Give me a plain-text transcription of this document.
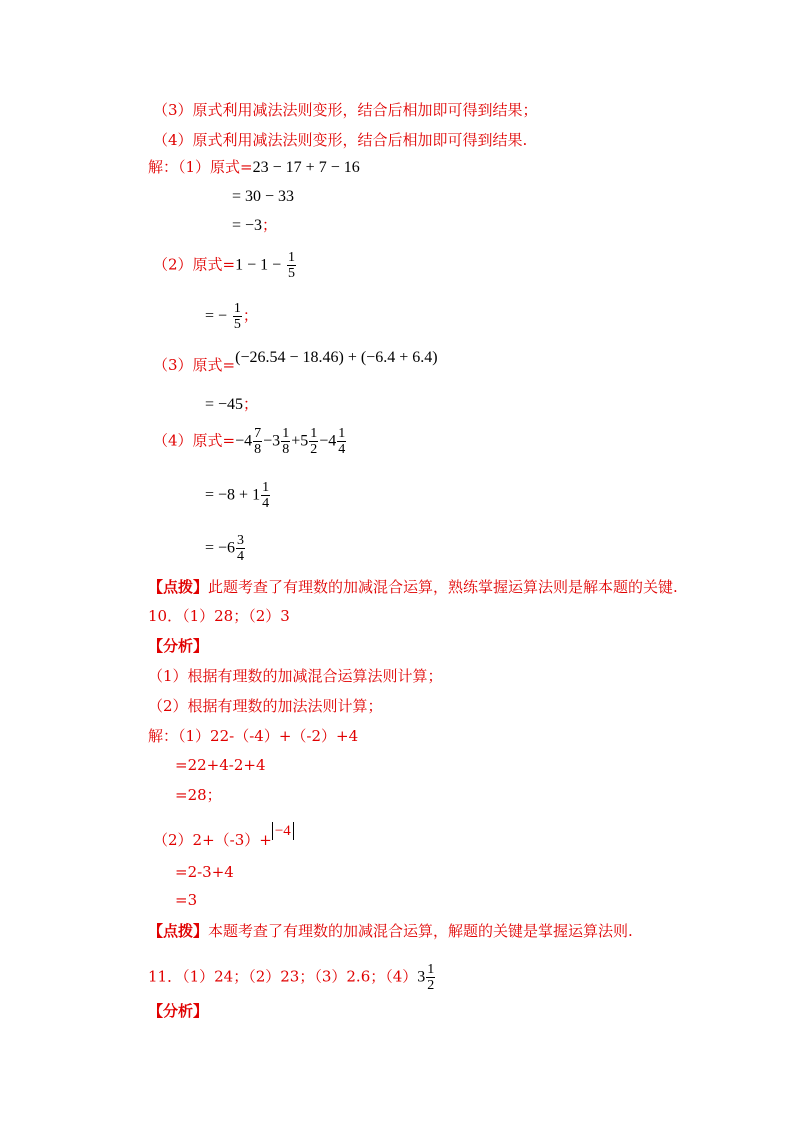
（3）原式利用减法法则变形，结合后相加即可得到结果；
（4）原式利用减法法则变形，结合后相加即可得到结果.
解：（1）原式=23 − 17 + 7 − 16
= 30 − 33
= −3；
（2）原式$=1 - 1 - \frac{1}{5}$
= − $\frac{1}{5}$ ；
（3）原式=(−26.54 − 18.46) + (−6.4 + 6.4)
= −45；
（4）原式$=-4 \frac{7}{8} -3 \frac{1}{8} +5 \frac{1}{2} -4 \frac{1}{4}$
= $-8 + 1 \frac{1}{4}$
= $-6 \frac{3}{4}$
【点拨】此题考查了有理数的加减混合运算，熟练掌握运算法则是解本题的关键.
10．（1）28；（2）3
【分析】
（1）根据有理数的加减混合运算法则计算；
（2）根据有理数的加法法则计算；
解：（1）22-（-4）+（-2）+4
=22+4-2+4
=28；
（2）2+（-3）+ −4
=2-3+4
=3
【点拨】本题考查了有理数的加减混合运算，解题的关键是掌握运算法则.
11．（1）24；（2）23；（3）2.6；$(4)3 \frac{1}{2}$
【分析】
